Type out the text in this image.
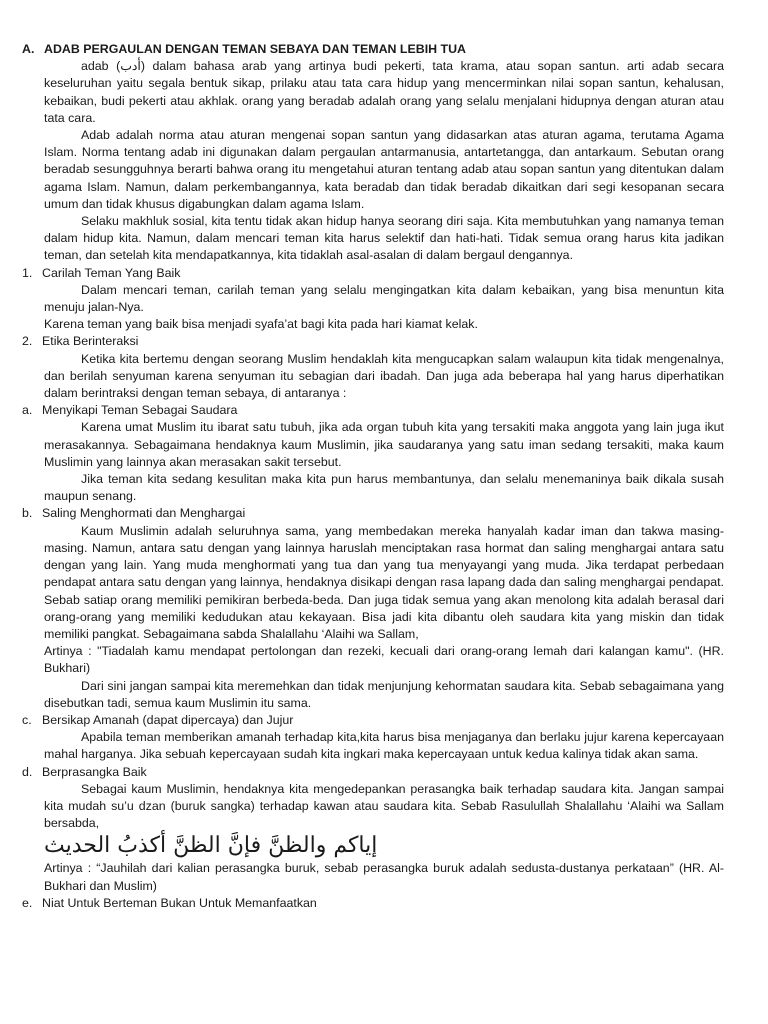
A. ADAB PERGAULAN DENGAN TEMAN SEBAYA DAN TEMAN LEBIH TUA

adab (أدب) dalam bahasa arab yang artinya budi pekerti, tata krama, atau sopan santun. arti adab secara keseluruhan yaitu segala bentuk sikap, prilaku atau tata cara hidup yang mencerminkan nilai sopan santun, kehalusan, kebaikan, budi pekerti atau akhlak. orang yang beradab adalah orang yang selalu menjalani hidupnya dengan aturan atau tata cara.

Adab adalah norma atau aturan mengenai sopan santun yang didasarkan atas aturan agama, terutama Agama Islam. Norma tentang adab ini digunakan dalam pergaulan antarmanusia, antartetangga, dan antarkaum. Sebutan orang beradab sesungguhnya berarti bahwa orang itu mengetahui aturan tentang adab atau sopan santun yang ditentukan dalam agama Islam. Namun, dalam perkembangannya, kata beradab dan tidak beradab dikaitkan dari segi kesopanan secara umum dan tidak khusus digabungkan dalam agama Islam.

Selaku makhluk sosial, kita tentu tidak akan hidup hanya seorang diri saja. Kita membutuhkan yang namanya teman dalam hidup kita. Namun, dalam mencari teman kita harus selektif dan hati-hati. Tidak semua orang harus kita jadikan teman, dan setelah kita mendapatkannya, kita tidaklah asal-asalan di dalam bergaul dengannya.

1. Carilah Teman Yang Baik

Dalam mencari teman, carilah teman yang selalu mengingatkan kita dalam kebaikan, yang bisa menuntun kita menuju jalan-Nya.

Karena teman yang baik bisa menjadi syafa’at bagi kita pada hari kiamat kelak.

2. Etika Berinteraksi

Ketika kita bertemu dengan seorang Muslim hendaklah kita mengucapkan salam walaupun kita tidak mengenalnya, dan berilah senyuman karena senyuman itu sebagian dari ibadah. Dan juga ada beberapa hal yang harus diperhatikan dalam berintraksi dengan teman sebaya, di antaranya :

a. Menyikapi Teman Sebagai Saudara

Karena umat Muslim itu ibarat satu tubuh, jika ada organ tubuh kita yang tersakiti maka anggota yang lain juga ikut merasakannya. Sebagaimana hendaknya kaum Muslimin, jika saudaranya yang satu iman sedang tersakiti, maka kaum Muslimin yang lainnya akan merasakan sakit tersebut.

Jika teman kita sedang kesulitan maka kita pun harus membantunya, dan selalu menemaninya baik dikala susah maupun senang.

b. Saling Menghormati dan Menghargai

Kaum Muslimin adalah seluruhnya sama, yang membedakan mereka hanyalah kadar iman dan takwa masing-masing. Namun, antara satu dengan yang lainnya haruslah menciptakan rasa hormat dan saling menghargai antara satu dengan yang lain. Yang muda menghormati yang tua dan yang tua menyayangi yang muda. Jika terdapat perbedaan pendapat antara satu dengan yang lainnya, hendaknya disikapi dengan rasa lapang dada dan saling menghargai pendapat. Sebab satiap orang memiliki pemikiran berbeda-beda. Dan juga tidak semua yang akan menolong kita adalah berasal dari orang-orang yang memiliki kedudukan atau kekayaan. Bisa jadi kita dibantu oleh saudara kita yang miskin dan tidak memiliki pangkat. Sebagaimana sabda Shalallahu ‘Alaihi wa Sallam,

Artinya : "Tiadalah kamu mendapat pertolongan dan rezeki, kecuali dari orang-orang lemah dari kalangan kamu". (HR. Bukhari)

Dari sini jangan sampai kita meremehkan dan tidak menjunjung kehormatan saudara kita. Sebab sebagaimana yang disebutkan tadi, semua kaum Muslimin itu sama.

c. Bersikap Amanah (dapat dipercaya) dan Jujur

Apabila teman memberikan amanah terhadap kita,kita harus bisa menjaganya dan berlaku jujur karena kepercayaan mahal harganya. Jika sebuah kepercayaan sudah kita ingkari maka kepercayaan untuk kedua kalinya tidak akan sama.

d. Berprasangka Baik

Sebagai kaum Muslimin, hendaknya kita mengedepankan perasangka baik terhadap saudara kita. Jangan sampai kita mudah su’u dzan (buruk sangka) terhadap kawan atau saudara kita. Sebab Rasulullah Shalallahu ‘Alaihi wa Sallam bersabda,

إياكم والظنَّ فإنَّ الظنَّ أكذبُ الحديث

Artinya : “Jauhilah dari kalian perasangka buruk, sebab perasangka buruk adalah sedusta-dustanya perkataan” (HR. Al-Bukhari dan Muslim)

e. Niat Untuk Berteman Bukan Untuk Memanfaatkan
